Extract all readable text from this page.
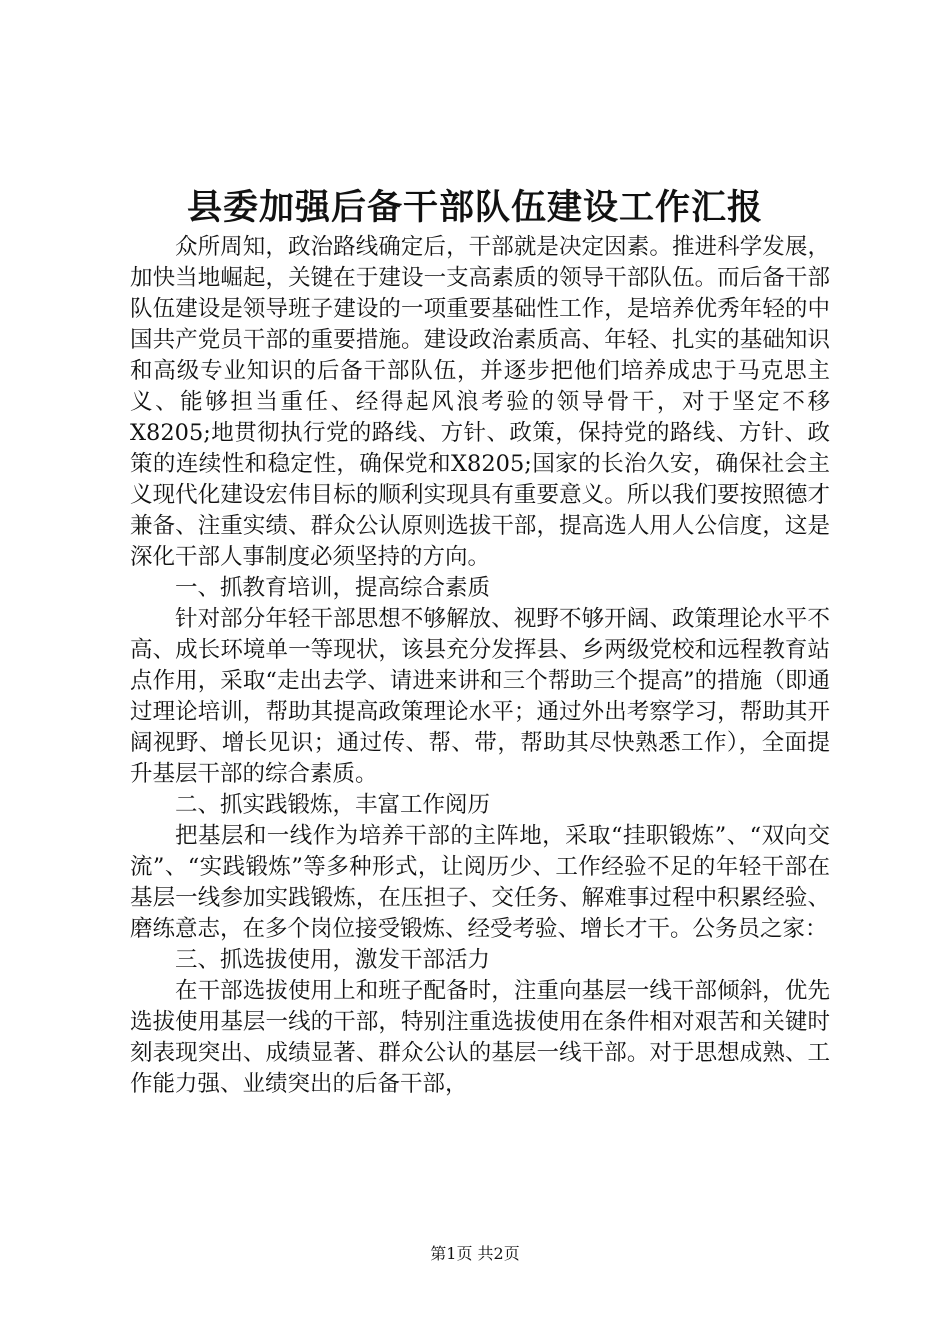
县委加强后备干部队伍建设工作汇报

众所周知，政治路线确定后，干部就是决定因素。推进科学发展，加快当地崛起，关键在于建设一支高素质的领导干部队伍。而后备干部队伍建设是领导班子建设的一项重要基础性工作，是培养优秀年轻的中国共产党员干部的重要措施。建设政治素质高、年轻、扎实的基础知识和高级专业知识的后备干部队伍，并逐步把他们培养成忠于马克思主义、能够担当重任、经得起风浪考验的领导骨干，对于坚定不移X8205;地贯彻执行党的路线、方针、政策，保持党的路线、方针、政策的连续性和稳定性，确保党和X8205;国家的长治久安，确保社会主义现代化建设宏伟目标的顺利实现具有重要意义。所以我们要按照德才兼备、注重实绩、群众公认原则选拔干部，提高选人用人公信度，这是深化干部人事制度必须坚持的方向。

一、抓教育培训，提高综合素质

针对部分年轻干部思想不够解放、视野不够开阔、政策理论水平不高、成长环境单一等现状，该县充分发挥县、乡两级党校和远程教育站点作用，采取“走出去学、请进来讲和三个帮助三个提高”的措施（即通过理论培训，帮助其提高政策理论水平；通过外出考察学习，帮助其开阔视野、增长见识；通过传、帮、带，帮助其尽快熟悉工作），全面提升基层干部的综合素质。

二、抓实践锻炼，丰富工作阅历

把基层和一线作为培养干部的主阵地，采取“挂职锻炼”、“双向交流”、“实践锻炼”等多种形式，让阅历少、工作经验不足的年轻干部在基层一线参加实践锻炼，在压担子、交任务、解难事过程中积累经验、磨练意志，在多个岗位接受锻炼、经受考验、增长才干。公务员之家：

三、抓选拔使用，激发干部活力

在干部选拔使用上和班子配备时，注重向基层一线干部倾斜，优先选拔使用基层一线的干部，特别注重选拔使用在条件相对艰苦和关键时刻表现突出、成绩显著、群众公认的基层一线干部。对于思想成熟、工作能力强、业绩突出的后备干部，

第1页 共2页
